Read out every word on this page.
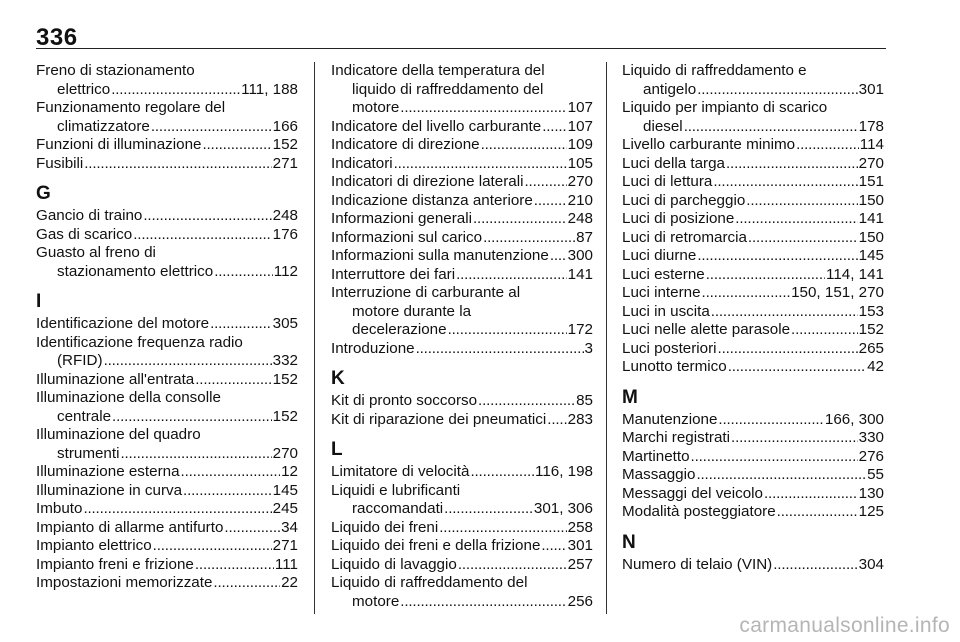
336
Freno di stazionamento
elettrico . . .	111, 188
Funzionamento regolare del
climatizzatore . . .	166
Funzioni di illuminazione . . .	152
Fusibili . . .	271
G
Gancio di traino . . .	248
Gas di scarico . . .	176
Guasto al freno di
stazionamento elettrico . . .	112
I
Identificazione del motore . . .	305
Identificazione frequenza radio
(RFID) . . .	332
Illuminazione all'entrata . . .	152
Illuminazione della consolle
centrale . . .	152
Illuminazione del quadro
strumenti . . .	270
Illuminazione esterna . . .	12
Illuminazione in curva . . .	145
Imbuto . . .	245
Impianto di allarme antifurto . . .	34
Impianto elettrico . . .	271
Impianto freni e frizione . . .	111
Impostazioni memorizzate . . .	22
Indicatore della temperatura del
liquido di raffreddamento del
motore . . .	107
Indicatore del livello carburante . . . 107
Indicatore di direzione . . .	109
Indicatori . . .	105
Indicatori di direzione laterali . . .	270
Indicazione distanza anteriore . . . 210
Informazioni generali . . .	248
Informazioni sul carico . . .	87
Informazioni sulla manutenzione . . . 300
Interruttore dei fari . . .	141
Interruzione di carburante al
motore durante la
decelerazione . . .	172
Introduzione . . .	3
K
Kit di pronto soccorso . . .	85
Kit di riparazione dei pneumatici . . . 283
L
Limitatore di velocità . . .	116, 198
Liquidi e lubrificanti
raccomandati . . .	301, 306
Liquido dei freni . . .	258
Liquido dei freni e della frizione . . . 301
Liquido di lavaggio . . .	257
Liquido di raffreddamento del
motore . . .	256
Liquido di raffreddamento e
antigelo . . .	301
Liquido per impianto di scarico
diesel . . .	178
Livello carburante minimo . . .	114
Luci della targa . . .	270
Luci di lettura . . .	151
Luci di parcheggio . . .	150
Luci di posizione . . .	141
Luci di retromarcia . . .	150
Luci diurne . . .	145
Luci esterne . . .	114, 141
Luci interne . . .	150, 151, 270
Luci in uscita . . .	153
Luci nelle alette parasole . . .	152
Luci posteriori . . .	265
Lunotto termico . . .	42
M
Manutenzione . . .	166, 300
Marchi registrati . . .	330
Martinetto . . .	276
Massaggio . . .	55
Messaggi del veicolo . . .	130
Modalità posteggiatore . . .	125
N
Numero di telaio (VIN) . . .	304
carmanualsonline.info
